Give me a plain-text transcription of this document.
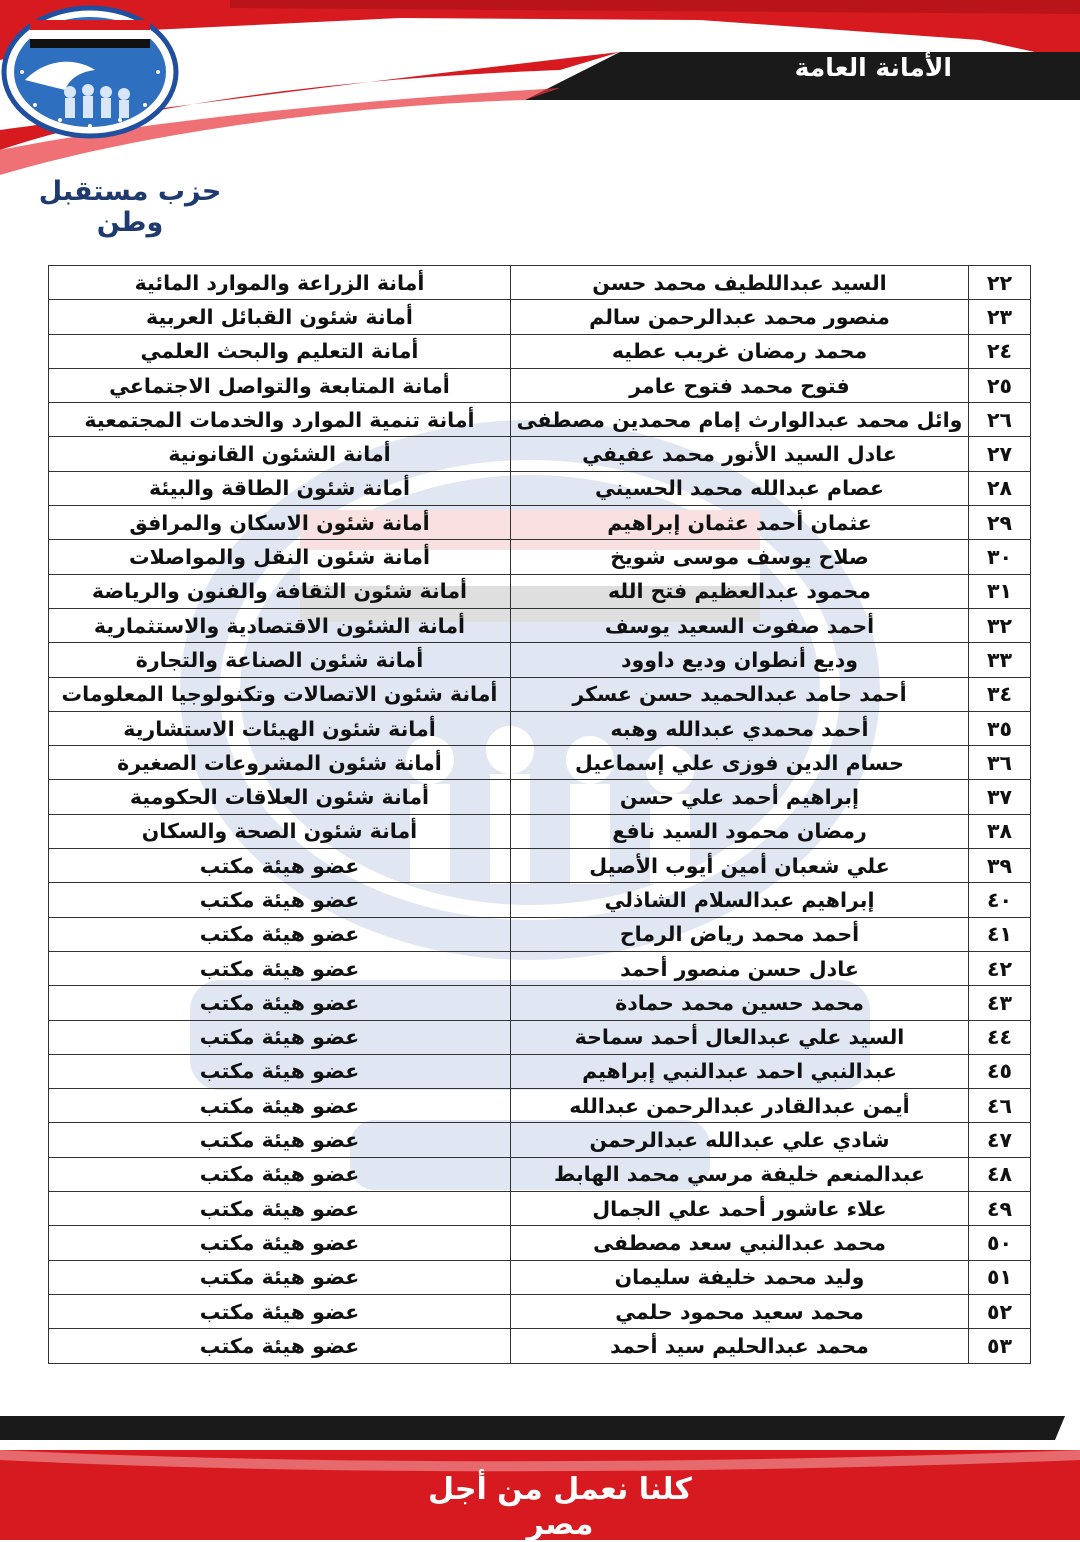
الأمانة العامة
حزب مستقبل وطن
٢٢	السيد عبداللطيف محمد حسن	أمانة الزراعة والموارد المائية
٢٣	منصور محمد عبدالرحمن سالم	أمانة شئون القبائل العربية
٢٤	محمد رمضان غريب عطيه	أمانة التعليم والبحث العلمي
٢٥	فتوح محمد فتوح عامر	أمانة المتابعة والتواصل الاجتماعي
٢٦	وائل محمد عبدالوارث إمام محمدين مصطفى	أمانة تنمية الموارد والخدمات المجتمعية
٢٧	عادل السيد الأنور محمد عفيفي	أمانة الشئون القانونية
٢٨	عصام عبدالله محمد الحسيني	أمانة شئون الطاقة والبيئة
٢٩	عثمان أحمد عثمان إبراهيم	أمانة شئون الاسكان والمرافق
٣٠	صلاح يوسف موسى شويخ	أمانة شئون النقل والمواصلات
٣١	محمود عبدالعظيم فتح الله	أمانة شئون الثقافة والفنون والرياضة
٣٢	أحمد صفوت السعيد يوسف	أمانة الشئون الاقتصادية والاستثمارية
٣٣	وديع أنطوان وديع داوود	أمانة شئون الصناعة والتجارة
٣٤	أحمد حامد عبدالحميد حسن عسكر	أمانة شئون الاتصالات وتكنولوجيا المعلومات
٣٥	أحمد محمدي عبدالله وهبه	أمانة شئون الهيئات الاستشارية
٣٦	حسام الدين فوزى علي إسماعيل	أمانة شئون المشروعات الصغيرة
٣٧	إبراهيم أحمد علي حسن	أمانة شئون العلاقات الحكومية
٣٨	رمضان محمود السيد نافع	أمانة شئون الصحة والسكان
٣٩	علي شعبان أمين أيوب الأصيل	عضو هيئة مكتب
٤٠	إبراهيم عبدالسلام الشاذلي	عضو هيئة مكتب
٤١	أحمد محمد رياض الرماح	عضو هيئة مكتب
٤٢	عادل حسن منصور أحمد	عضو هيئة مكتب
٤٣	محمد حسين محمد حمادة	عضو هيئة مكتب
٤٤	السيد علي عبدالعال أحمد سماحة	عضو هيئة مكتب
٤٥	عبدالنبي احمد عبدالنبي إبراهيم	عضو هيئة مكتب
٤٦	أيمن عبدالقادر عبدالرحمن عبدالله	عضو هيئة مكتب
٤٧	شادي علي عبدالله عبدالرحمن	عضو هيئة مكتب
٤٨	عبدالمنعم خليفة مرسي محمد الهابط	عضو هيئة مكتب
٤٩	علاء عاشور أحمد علي الجمال	عضو هيئة مكتب
٥٠	محمد عبدالنبي سعد مصطفى	عضو هيئة مكتب
٥١	وليد محمد خليفة سليمان	عضو هيئة مكتب
٥٢	محمد سعيد محمود حلمي	عضو هيئة مكتب
٥٣	محمد عبدالحليم سيد أحمد	عضو هيئة مكتب
كلنا نعمل من أجل مصر
